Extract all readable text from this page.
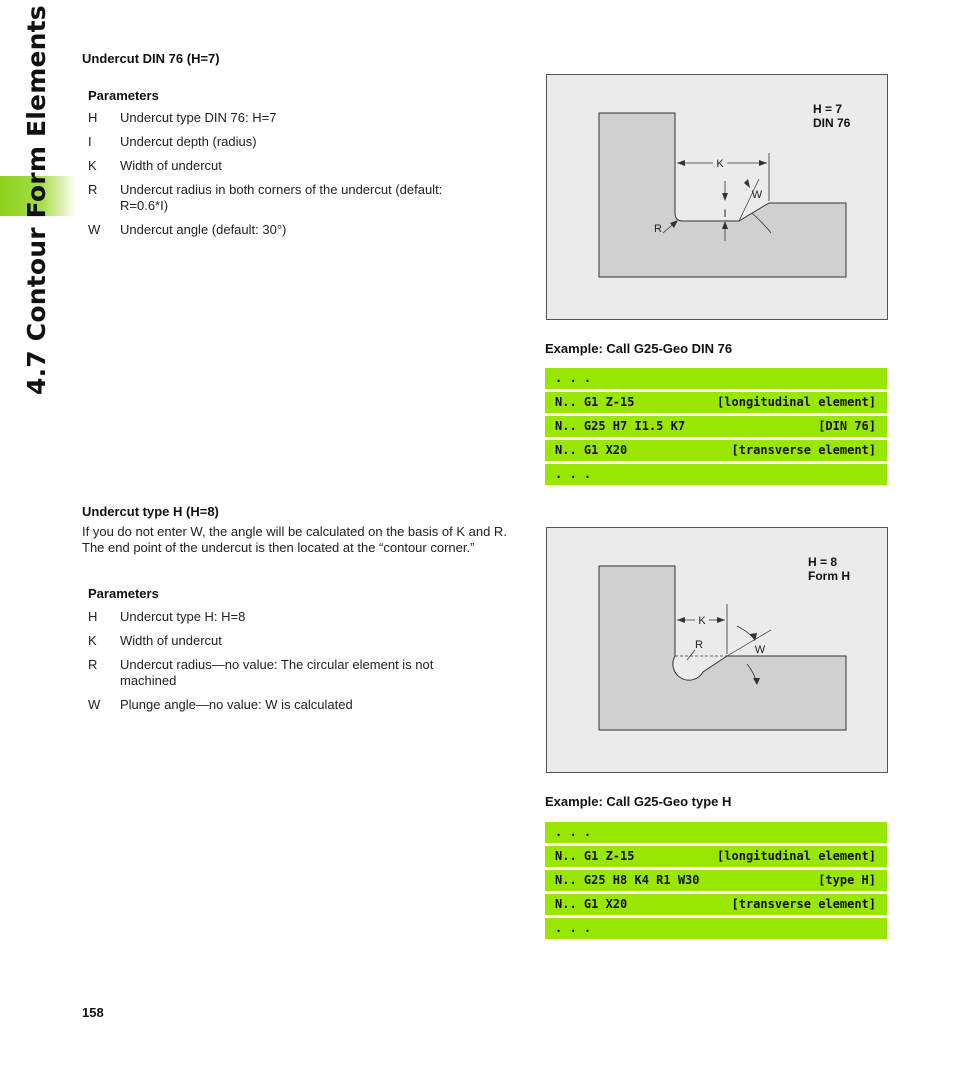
4.7 Contour Form Elements	Undercut DIN 76 (H=7)
Parameters
H Undercut type DIN 76: H=7
I Undercut depth (radius)
K Width of undercut
R Undercut radius in both corners of the undercut (default: R=0.6*I)
W Undercut angle (default: 30°)
K
I
W
R
H = 7
DIN 76
Example: Call G25-Geo DIN 76
. . .
N.. G1 Z-15	[longitudinal element]
N.. G25 H7 I1.5 K7	[DIN 76]
N.. G1 X20	[transverse element]
. . .
Undercut type H (H=8)
If you do not enter W, the angle will be calculated on the basis of K and R. The end point of the undercut is then located at the “contour corner.”
Parameters
H Undercut type H: H=8
K Width of undercut
R Undercut radius—no value: The circular element is not machined
W Plunge angle—no value: W is calculated
K
R	W
H = 8
Form H
Example: Call G25-Geo type H
. . .
N.. G1 Z-15	[longitudinal element]
N.. G25 H8 K4 R1 W30	[type H]
N.. G1 X20	[transverse element]
. . .
158
